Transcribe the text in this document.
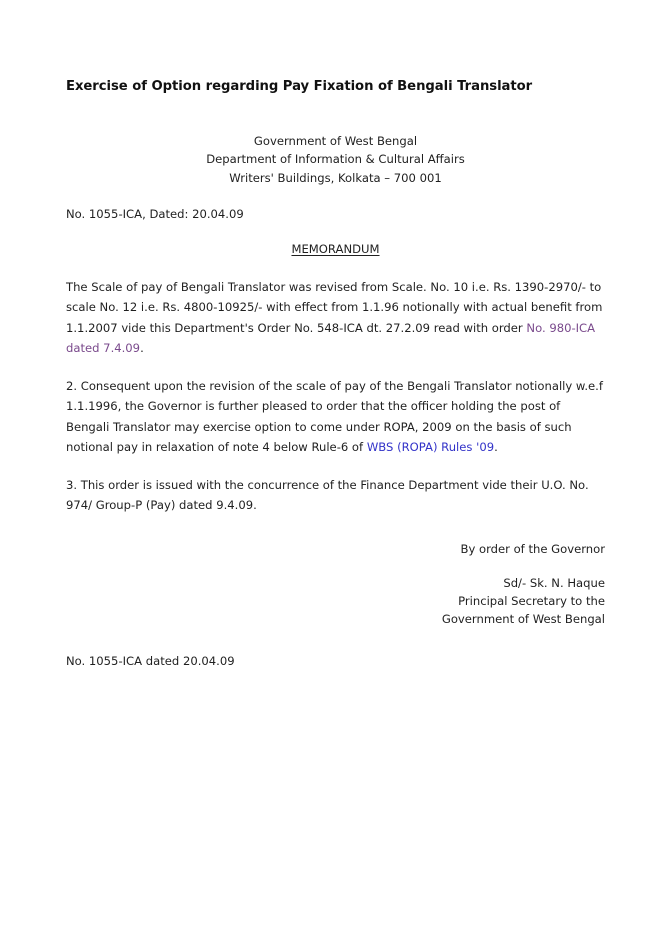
Exercise of Option regarding Pay Fixation of Bengali Translator
Government of West Bengal
Department of Information & Cultural Affairs
Writers' Buildings, Kolkata – 700 001

No. 1055-ICA, Dated: 20.04.09

MEMORANDUM

The Scale of pay of Bengali Translator was revised from Scale. No. 10 i.e. Rs. 1390-2970/- to scale No. 12 i.e. Rs. 4800-10925/- with effect from 1.1.96 notionally with actual benefit from 1.1.2007 vide this Department's Order No. 548-ICA dt. 27.2.09 read with order No. 980-ICA dated 7.4.09.

2. Consequent upon the revision of the scale of pay of the Bengali Translator notionally w.e.f 1.1.1996, the Governor is further pleased to order that the officer holding the post of Bengali Translator may exercise option to come under ROPA, 2009 on the basis of such notional pay in relaxation of note 4 below Rule-6 of WBS (ROPA) Rules '09.

3. This order is issued with the concurrence of the Finance Department vide their U.O. No. 974/ Group-P (Pay) dated 9.4.09.

By order of the Governor
Sd/- Sk. N. Haque
Principal Secretary to the
Government of West Bengal

No. 1055-ICA dated 20.04.09
